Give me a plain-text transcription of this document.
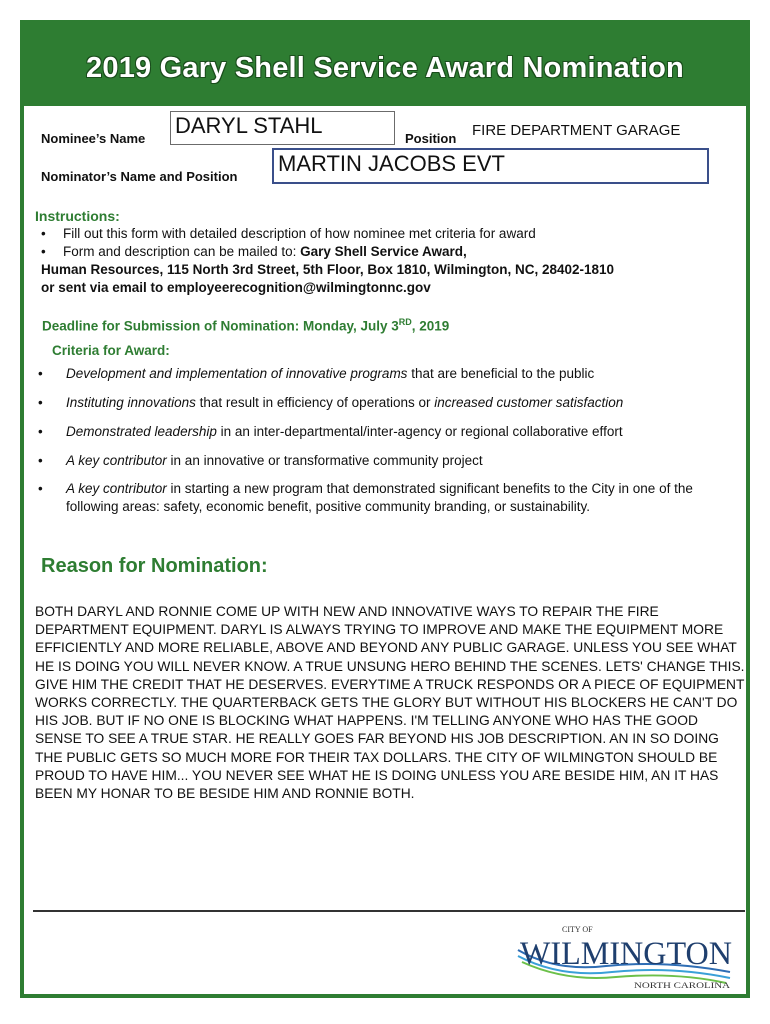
2019 Gary Shell Service Award Nomination
Nominee’s Name
DARYL STAHL
Position FIRE DEPARTMENT GARAGE
Nominator’s Name and Position
MARTIN JACOBS EVT
Instructions:
• Fill out this form with detailed description of how nominee met criteria for award
• Form and description can be mailed to: Gary Shell Service Award,
Human Resources, 115 North 3rd Street, 5th Floor, Box 1810, Wilmington, NC, 28402-1810
or sent via email to employeerecognition@wilmingtonnc.gov
Deadline for Submission of Nomination: Monday, July 3RD, 2019
Criteria for Award:
• Development and implementation of innovative programs that are beneficial to the public
• Instituting innovations that result in efficiency of operations or increased customer satisfaction
• Demonstrated leadership in an inter-departmental/inter-agency or regional collaborative effort
• A key contributor in an innovative or transformative community project
• A key contributor in starting a new program that demonstrated significant benefits to the City in one of the following areas: safety, economic benefit, positive community branding, or sustainability.
Reason for Nomination:
BOTH DARYL AND RONNIE COME UP WITH NEW AND INNOVATIVE WAYS TO REPAIR THE FIRE DEPARTMENT EQUIPMENT. DARYL IS ALWAYS TRYING TO IMPROVE AND MAKE THE EQUIPMENT MORE EFFICIENTLY AND MORE RELIABLE, ABOVE AND BEYOND ANY PUBLIC GARAGE. UNLESS YOU SEE WHAT HE IS DOING YOU WILL NEVER KNOW. A TRUE UNSUNG HERO BEHIND THE SCENES. LETS' CHANGE THIS. GIVE HIM THE CREDIT THAT HE DESERVES. EVERYTIME A TRUCK RESPONDS OR A PIECE OF EQUIPMENT WORKS CORRECTLY. THE QUARTERBACK GETS THE GLORY BUT WITHOUT HIS BLOCKERS HE CAN'T DO HIS JOB. BUT IF NO ONE IS BLOCKING WHAT HAPPENS. I'M TELLING ANYONE WHO HAS THE GOOD SENSE TO SEE A TRUE STAR. HE REALLY GOES FAR BEYOND HIS JOB DESCRIPTION. AN IN SO DOING THE PUBLIC GETS SO MUCH MORE FOR THEIR TAX DOLLARS. THE CITY OF WILMINGTON SHOULD BE PROUD TO HAVE HIM... YOU NEVER SEE WHAT HE IS DOING UNLESS YOU ARE BESIDE HIM, AN IT HAS BEEN MY HONAR TO BE BESIDE HIM AND RONNIE BOTH.
CITY OF
WILMINGTON
NORTH CAROLINA
